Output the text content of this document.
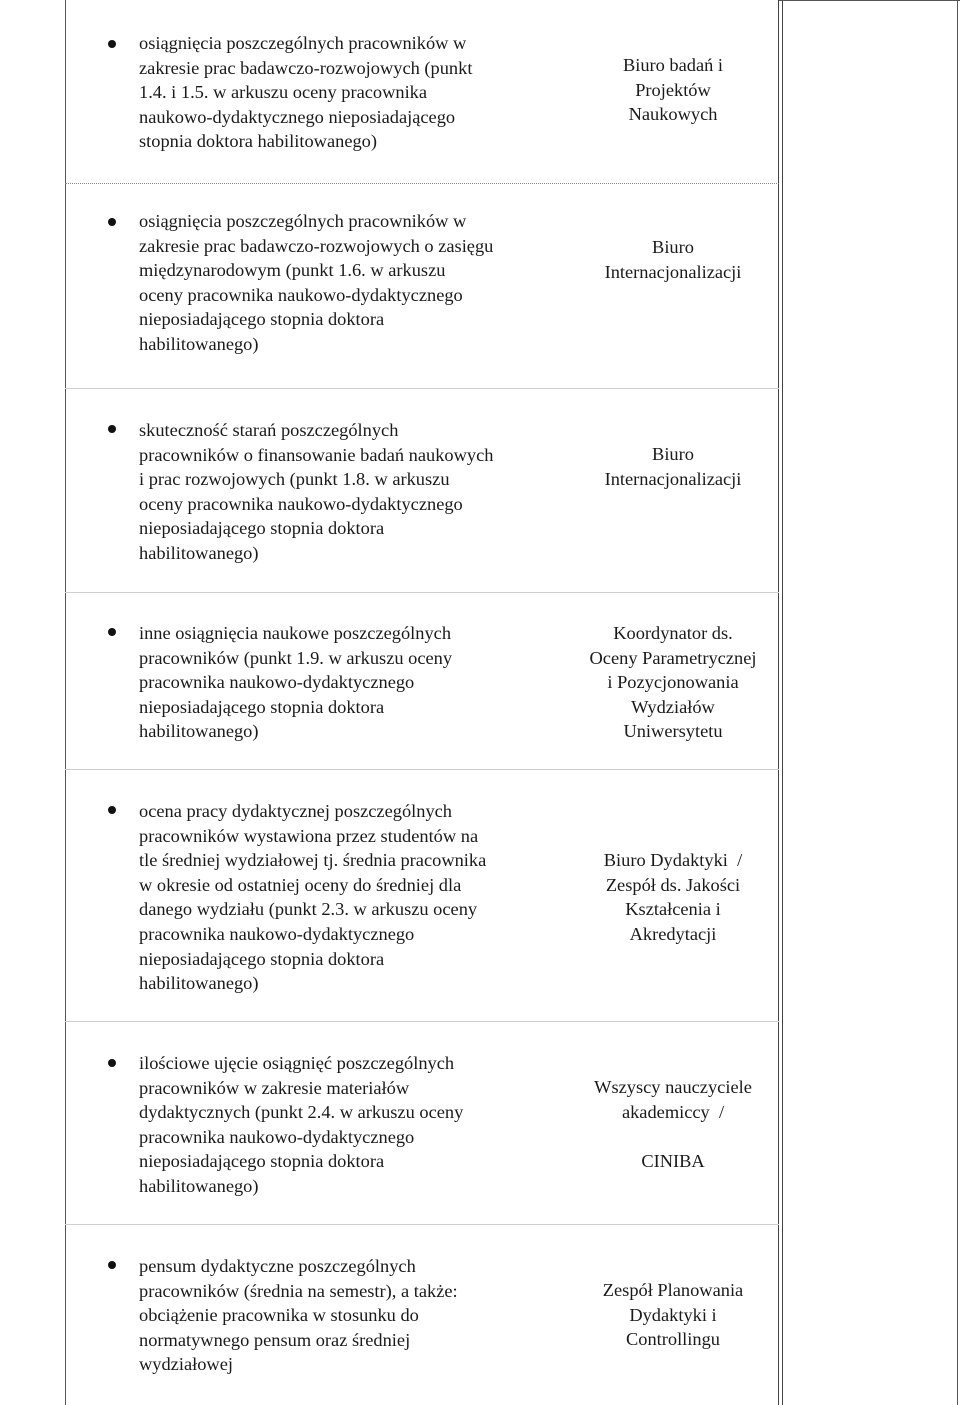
osiągnięcia poszczególnych pracowników w
zakresie prac badawczo-rozwojowych (punkt
1.4. i 1.5. w arkuszu oceny pracownika
naukowo-dydaktycznego nieposiadającego
stopnia doktora habilitowanego)
Biuro badań i
Projektów
Naukowych
osiągnięcia poszczególnych pracowników w
zakresie prac badawczo-rozwojowych o zasięgu
międzynarodowym (punkt 1.6. w arkuszu
oceny pracownika naukowo-dydaktycznego
nieposiadającego stopnia doktora
habilitowanego)
Biuro
Internacjonalizacji
skuteczność starań poszczególnych
pracowników o finansowanie badań naukowych
i prac rozwojowych (punkt 1.8. w arkuszu
oceny pracownika naukowo-dydaktycznego
nieposiadającego stopnia doktora
habilitowanego)
Biuro
Internacjonalizacji
inne osiągnięcia naukowe poszczególnych
pracowników (punkt 1.9. w arkuszu oceny
pracownika naukowo-dydaktycznego
nieposiadającego stopnia doktora
habilitowanego)
Koordynator ds.
Oceny Parametrycznej
i Pozycjonowania
Wydziałów
Uniwersytetu
ocena pracy dydaktycznej poszczególnych
pracowników wystawiona przez studentów na
tle średniej wydziałowej tj. średnia pracownika
w okresie od ostatniej oceny do średniej dla
danego wydziału (punkt 2.3. w arkuszu oceny
pracownika naukowo-dydaktycznego
nieposiadającego stopnia doktora
habilitowanego)
Biuro Dydaktyki  /
Zespół ds. Jakości
Kształcenia i
Akredytacji
ilościowe ujęcie osiągnięć poszczególnych
pracowników w zakresie materiałów
dydaktycznych (punkt 2.4. w arkuszu oceny
pracownika naukowo-dydaktycznego
nieposiadającego stopnia doktora
habilitowanego)
Wszyscy nauczyciele
akademiccy  /

CINIBA
pensum dydaktyczne poszczególnych
pracowników (średnia na semestr), a także:
obciążenie pracownika w stosunku do
normatywnego pensum oraz średniej
wydziałowej
Zespół Planowania
Dydaktyki i
Controllingu
